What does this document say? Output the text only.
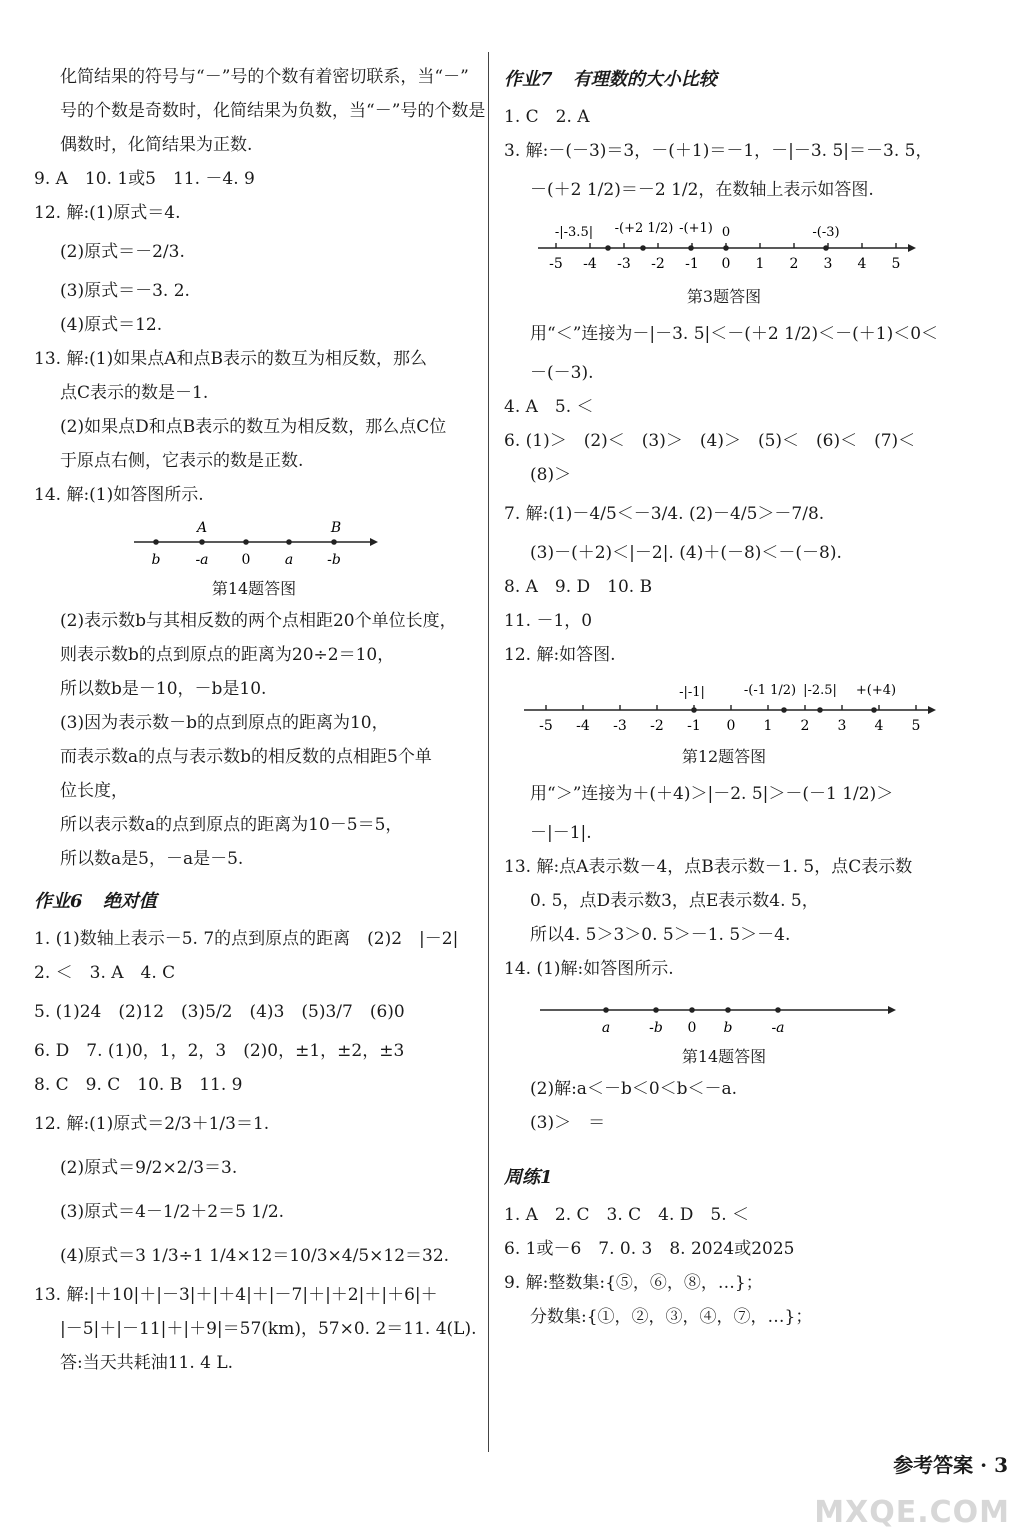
化简结果的符号与“－”号的个数有着密切联系，当“－”
号的个数是奇数时，化简结果为负数，当“－”号的个数是
偶数时，化简结果为正数.
9. A　10. 1或5　11. －4. 9
12. 解:(1)原式＝4.
(2)原式＝－2/3.
(3)原式＝－3. 2.
(4)原式＝12.
13. 解:(1)如果点A和点B表示的数互为相反数，那么
点C表示的数是－1.
(2)如果点D和点B表示的数互为相反数，那么点C位
于原点右侧，它表示的数是正数.
14. 解:(1)如答图所示.
A	B
b -a 0 a -b
第14题答图
(2)表示数b与其相反数的两个点相距20个单位长度，
则表示数b的点到原点的距离为20÷2＝10，
所以数b是－10，－b是10.
(3)因为表示数－b的点到原点的距离为10，
而表示数a的点与表示数b的相反数的点相距5个单
位长度，
所以表示数a的点到原点的距离为10－5＝5，
所以数a是5，－a是－5.
作业6 绝对值
1. (1)数轴上表示－5. 7的点到原点的距离　(2)2　|－2|
2. ＜　3. A　4. C
5. (1)24　(2)12　(3)5/2　(4)3　(5)3/7　(6)0
6. D　7. (1)0，1，2，3　(2)0，±1，±2，±3
8. C　9. C　10. B　11. 9
12. 解:(1)原式＝2/3＋1/3＝1.
(2)原式＝9/2×2/3＝3.
(3)原式＝4－1/2＋2＝5 1/2.
(4)原式＝3 1/3÷1 1/4×12＝10/3×4/5×12＝32.
13. 解:|＋10|＋|－3|＋|＋4|＋|－7|＋|＋2|＋|＋6|＋
|－5|＋|－11|＋|＋9|＝57(km)，57×0. 2＝11. 4(L).
答:当天共耗油11. 4 L.
作业7 有理数的大小比较
1. C　2. A
3. 解:－(－3)＝3，－(＋1)＝－1，－|－3. 5|＝－3. 5，
－(＋2 1/2)＝－2 1/2，在数轴上表示如答图.
-5 -4 -3 -2 -1 0 1 2 3 4 5
-|-3.5| -(+2 1/2) -(+1) 0	-(-3)
第3题答图
用“＜”连接为－|－3. 5|＜－(＋2 1/2)＜－(＋1)＜0＜
－(－3).
4. A　5. ＜
6. (1)＞　(2)＜　(3)＞　(4)＞　(5)＜　(6)＜　(7)＜
(8)＞
7. 解:(1)－4/5＜－3/4. (2)－4/5＞－7/8.
(3)－(＋2)＜|－2|. (4)＋(－8)＜－(－8).
8. A　9. D　10. B
11. －1，0
12. 解:如答图.
-5 -4 -3 -2 -1 0 1 2 3 4 5
-|-1|	-(-1 1/2) |-2.5| +(+4)
第12题答图
用“＞”连接为＋(＋4)＞|－2. 5|＞－(－1 1/2)＞
－|－1|.
13. 解:点A表示数－4，点B表示数－1. 5，点C表示数
0. 5，点D表示数3，点E表示数4. 5，
所以4. 5＞3＞0. 5＞－1. 5＞－4.
14. (1)解:如答图所示.
a	-b 0 b	-a
第14题答图
(2)解:a＜－b＜0＜b＜－a.
(3)＞　＝
周练1
1. A　2. C　3. C　4. D　5. ＜
6. 1或－6　7. 0. 3　8. 2024或2025
9. 解:整数集:{⑤，⑥，⑧，…}；
分数集:{①，②，③，④，⑦，…}；
参考答案 · 3
MXQE.COM
